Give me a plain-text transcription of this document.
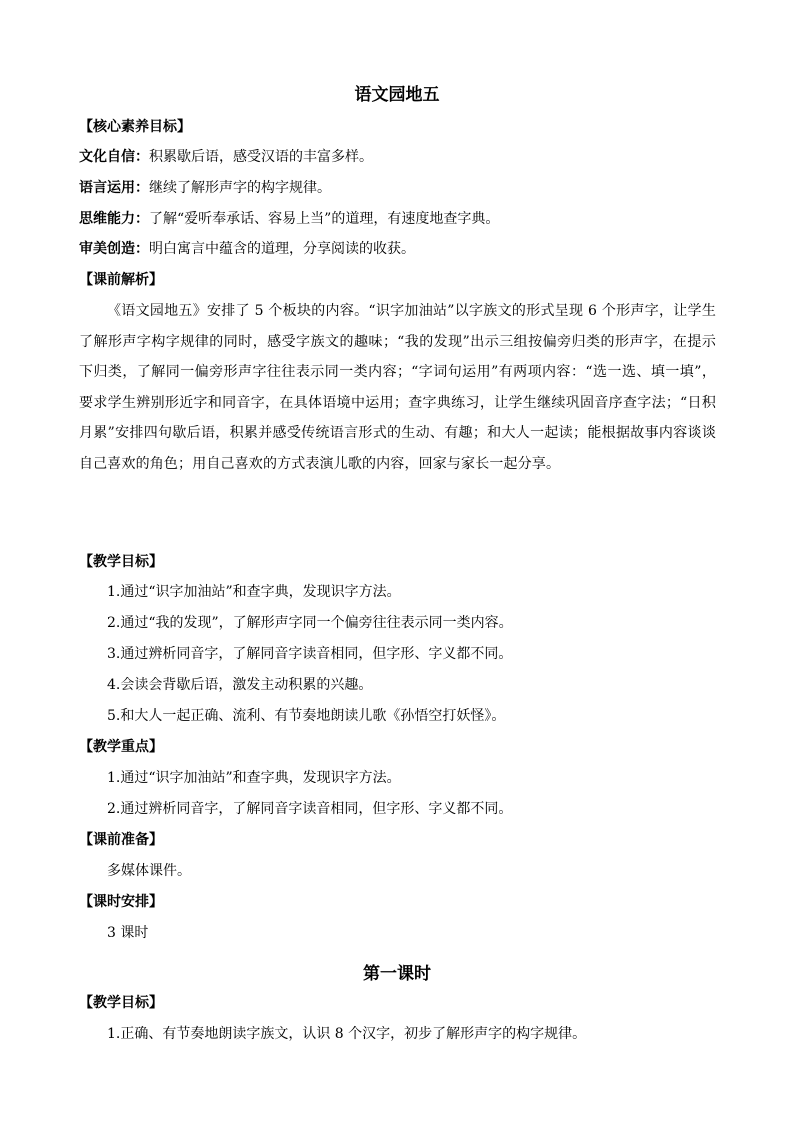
语文园地五
【核心素养目标】
文化自信：积累歇后语，感受汉语的丰富多样。
语言运用：继续了解形声字的构字规律。
思维能力：了解“爱听奉承话、容易上当”的道理，有速度地查字典。
审美创造：明白寓言中蕴含的道理，分享阅读的收获。
【课前解析】
《语文园地五》安排了 5 个板块的内容。“识字加油站”以字族文的形式呈现 6 个形声字，让学生了解形声字构字规律的同时，感受字族文的趣味；“我的发现”出示三组按偏旁归类的形声字，在提示下归类，了解同一偏旁形声字往往表示同一类内容；“字词句运用”有两项内容：“选一选、填一填”，要求学生辨别形近字和同音字，在具体语境中运用；查字典练习，让学生继续巩固音序查字法；“日积月累”安排四句歇后语，积累并感受传统语言形式的生动、有趣；和大人一起读；能根据故事内容谈谈自己喜欢的角色；用自己喜欢的方式表演儿歌的内容，回家与家长一起分享。
【教学目标】
1.通过“识字加油站”和查字典，发现识字方法。
2.通过“我的发现”，了解形声字同一个偏旁往往表示同一类内容。
3.通过辨析同音字，了解同音字读音相同，但字形、字义都不同。
4.会读会背歇后语，激发主动积累的兴趣。
5.和大人一起正确、流利、有节奏地朗读儿歌《孙悟空打妖怪》。
【教学重点】
1.通过“识字加油站”和查字典，发现识字方法。
2.通过辨析同音字，了解同音字读音相同，但字形、字义都不同。
【课前准备】
多媒体课件。
【课时安排】
3 课时
第一课时
【教学目标】
1.正确、有节奏地朗读字族文，认识 8 个汉字，初步了解形声字的构字规律。
